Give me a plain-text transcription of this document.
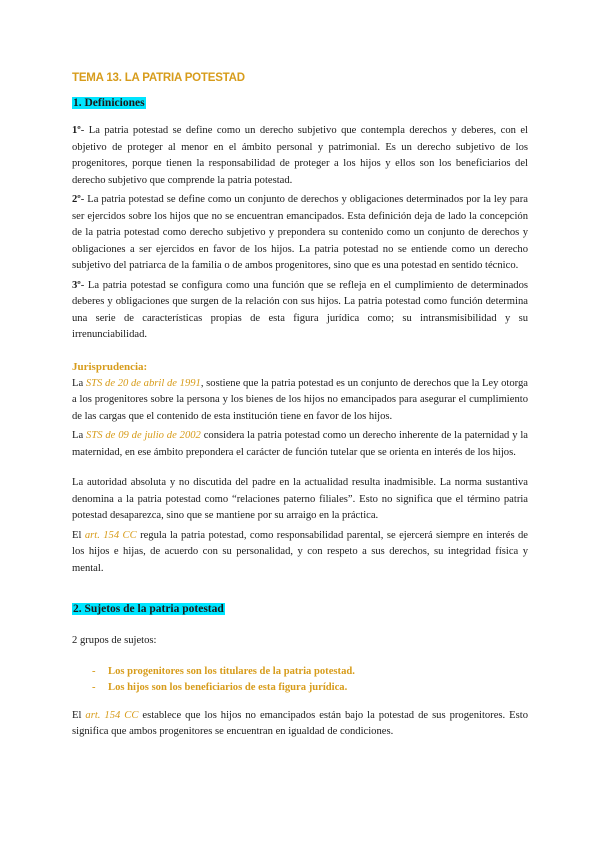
TEMA 13. LA PATRIA POTESTAD
1. Definiciones

1º- La patria potestad se define como un derecho subjetivo que contempla derechos y deberes, con el objetivo de proteger al menor en el ámbito personal y patrimonial. Es un derecho subjetivo de los progenitores, porque tienen la responsabilidad de proteger a los hijos y ellos son los beneficiarios del derecho subjetivo que comprende la patria potestad.

2º- La patria potestad se define como un conjunto de derechos y obligaciones determinados por la ley para ser ejercidos sobre los hijos que no se encuentran emancipados. Esta definición deja de lado la concepción de la patria potestad como derecho subjetivo y prepondera su contenido como un conjunto de derechos y obligaciones a ser ejercidos en favor de los hijos. La patria potestad no se entiende como un derecho subjetivo del patriarca de la familia o de ambos progenitores, sino que es una potestad en sentido técnico.

3º- La patria potestad se configura como una función que se refleja en el cumplimiento de determinados deberes y obligaciones que surgen de la relación con sus hijos. La patria potestad como función determina una serie de características propias de esta figura jurídica como; su intransmisibilidad y su irrenunciabilidad.

Jurisprudencia:

La STS de 20 de abril de 1991, sostiene que la patria potestad es un conjunto de derechos que la Ley otorga a los progenitores sobre la persona y los bienes de los hijos no emancipados para asegurar el cumplimiento de las cargas que el contenido de esta institución tiene en favor de los hijos.

La STS de 09 de julio de 2002 considera la patria potestad como un derecho inherente de la paternidad y la maternidad, en ese ámbito prepondera el carácter de función tutelar que se orienta en interés de los hijos.

La autoridad absoluta y no discutida del padre en la actualidad resulta inadmisible. La norma sustantiva denomina a la patria potestad como “relaciones paterno filiales”. Esto no significa que el término patria potestad desaparezca, sino que se mantiene por su arraigo en la práctica.

El art. 154 CC regula la patria potestad, como responsabilidad parental, se ejercerá siempre en interés de los hijos e hijas, de acuerdo con su personalidad, y con respeto a sus derechos, su integridad física y mental.

2. Sujetos de la patria potestad

2 grupos de sujetos:

- Los progenitores son los titulares de la patria potestad.
- Los hijos son los beneficiarios de esta figura jurídica.

El art. 154 CC establece que los hijos no emancipados están bajo la potestad de sus progenitores. Esto significa que ambos progenitores se encuentran en igualdad de condiciones.
